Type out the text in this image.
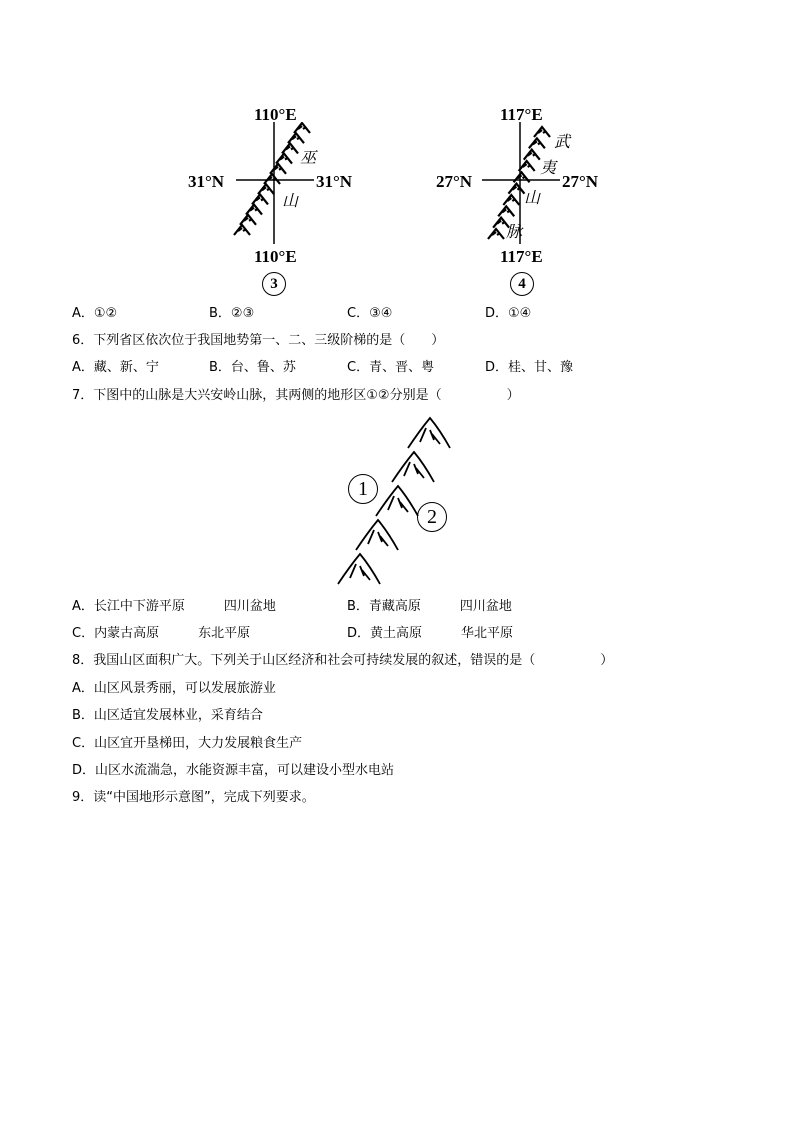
110°E
31°N	31°N
巫
山
110°E
3
117°E
27°N	27°N
武
夷
山
脉
117°E
4
A．①②	B．②③	C．③④	D．①④
6．下列省区依次位于我国地势第一、二、三级阶梯的是（　　）
A．藏、新、宁	B．台、鲁、苏	C．青、晋、粤	D．桂、甘、豫
7．下图中的山脉是大兴安岭山脉，其两侧的地形区①②分别是（　　　　　）
1
2
A．长江中下游平原　　　四川盆地	B．青藏高原　　　四川盆地
C．内蒙古高原　　　东北平原	D．黄土高原　　　华北平原
8．我国山区面积广大。下列关于山区经济和社会可持续发展的叙述，错误的是（　　　　　）
A．山区风景秀丽，可以发展旅游业
B．山区适宜发展林业，采育结合
C．山区宜开垦梯田，大力发展粮食生产
D．山区水流湍急，水能资源丰富，可以建设小型水电站
9．读“中国地形示意图”，完成下列要求。
